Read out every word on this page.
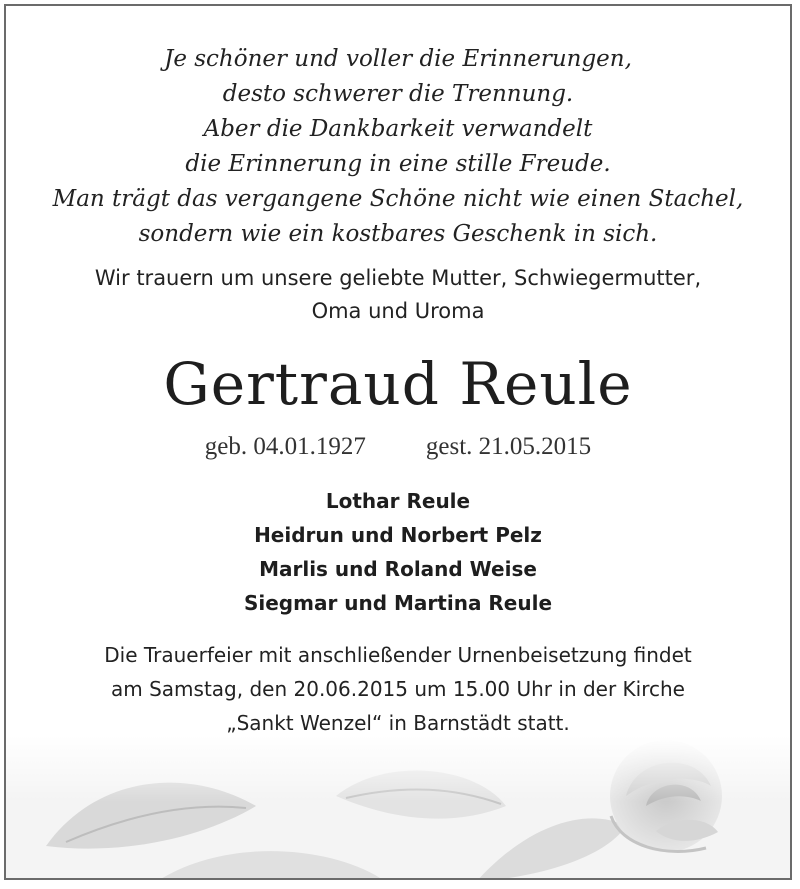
Je schöner und voller die Erinnerungen,
desto schwerer die Trennung.
Aber die Dankbarkeit verwandelt
die Erinnerung in eine stille Freude.
Man trägt das vergangene Schöne nicht wie einen Stachel,
sondern wie ein kostbares Geschenk in sich.
Wir trauern um unsere geliebte Mutter, Schwiegermutter,
Oma und Uroma
Gertraud Reule
geb. 04.01.1927 gest. 21.05.2015
Lothar Reule
Heidrun und Norbert Pelz
Marlis und Roland Weise
Siegmar und Martina Reule
Die Trauerfeier mit anschließender Urnenbeisetzung findet
am Samstag, den 20.06.2015 um 15.00 Uhr in der Kirche
„Sankt Wenzel“ in Barnstädt statt.
